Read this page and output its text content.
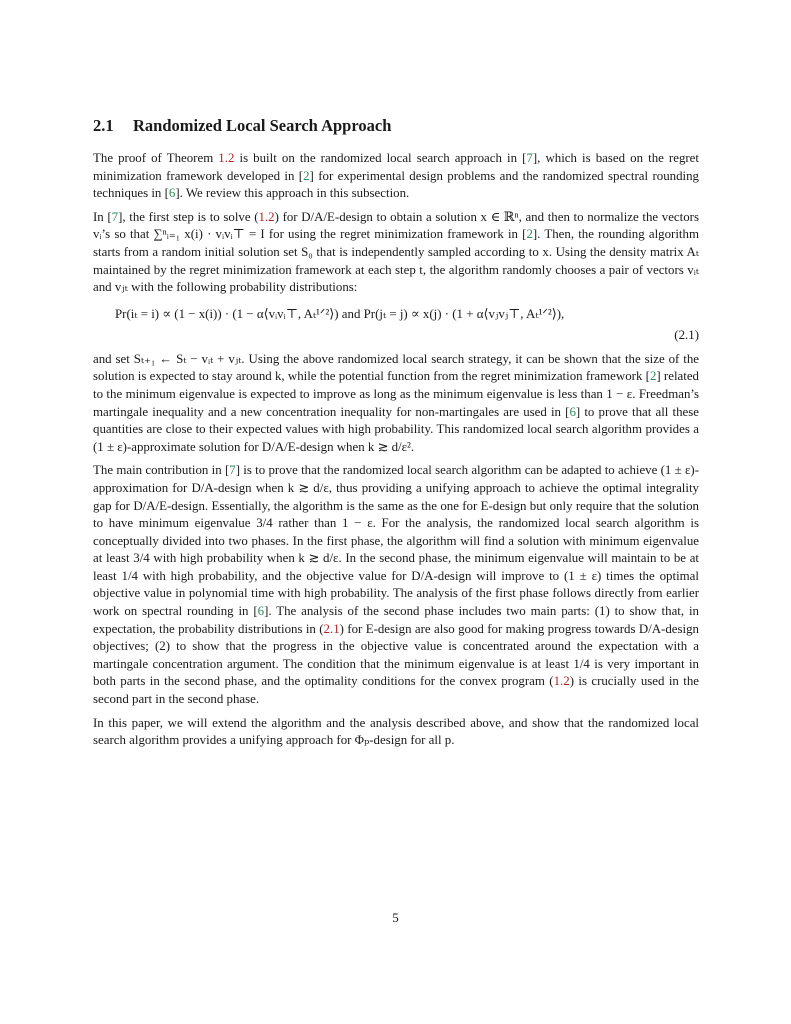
2.1 Randomized Local Search Approach

The proof of Theorem 1.2 is built on the randomized local search approach in [7], which is based on the regret minimization framework developed in [2] for experimental design problems and the randomized spectral rounding techniques in [6]. We review this approach in this subsection.

In [7], the first step is to solve (1.2) for D/A/E-design to obtain a solution x ∈ ℝⁿ, and then to normalize the vectors vᵢ’s so that ∑ⁿᵢ₌₁ x(i) · vᵢvᵢ⊤ = I for using the regret minimization framework in [2]. Then, the rounding algorithm starts from a random initial solution set S₀ that is independently sampled according to x. Using the density matrix Aₜ maintained by the regret minimization framework at each step t, the algorithm randomly chooses a pair of vectors vᵢₜ and vⱼₜ with the following probability distributions:

Pr(iₜ = i) ∝ (1 − x(i)) · (1 − α⟨vᵢvᵢ⊤, Aₜ¹ᐟ²⟩) and Pr(jₜ = j) ∝ x(j) · (1 + α⟨vⱼvⱼ⊤, Aₜ¹ᐟ²⟩),
(2.1)

and set Sₜ₊₁ ← Sₜ − vᵢₜ + vⱼₜ. Using the above randomized local search strategy, it can be shown that the size of the solution is expected to stay around k, while the potential function from the regret minimization framework [2] related to the minimum eigenvalue is expected to improve as long as the minimum eigenvalue is less than 1 − ε. Freedman’s martingale inequality and a new concentration inequality for non-martingales are used in [6] to prove that all these quantities are close to their expected values with high probability. This randomized local search algorithm provides a (1 ± ε)-approximate solution for D/A/E-design when k ≳ d/ε².

The main contribution in [7] is to prove that the randomized local search algorithm can be adapted to achieve (1 ± ε)-approximation for D/A-design when k ≳ d/ε, thus providing a unifying approach to achieve the optimal integrality gap for D/A/E-design. Essentially, the algorithm is the same as the one for E-design but only require that the solution to have minimum eigenvalue 3/4 rather than 1 − ε. For the analysis, the randomized local search algorithm is conceptually divided into two phases. In the first phase, the algorithm will find a solution with minimum eigenvalue at least 3/4 with high probability when k ≳ d/ε. In the second phase, the minimum eigenvalue will maintain to be at least 1/4 with high probability, and the objective value for D/A-design will improve to (1 ± ε) times the optimal objective value in polynomial time with high probability. The analysis of the first phase follows directly from earlier work on spectral rounding in [6]. The analysis of the second phase includes two main parts: (1) to show that, in expectation, the probability distributions in (2.1) for E-design are also good for making progress towards D/A-design objectives; (2) to show that the progress in the objective value is concentrated around the expectation with a martingale concentration argument. The condition that the minimum eigenvalue is at least 1/4 is very important in both parts in the second phase, and the optimality conditions for the convex program (1.2) is crucially used in the second part in the second phase.

In this paper, we will extend the algorithm and the analysis described above, and show that the randomized local search algorithm provides a unifying approach for Φₚ-design for all p.

5
